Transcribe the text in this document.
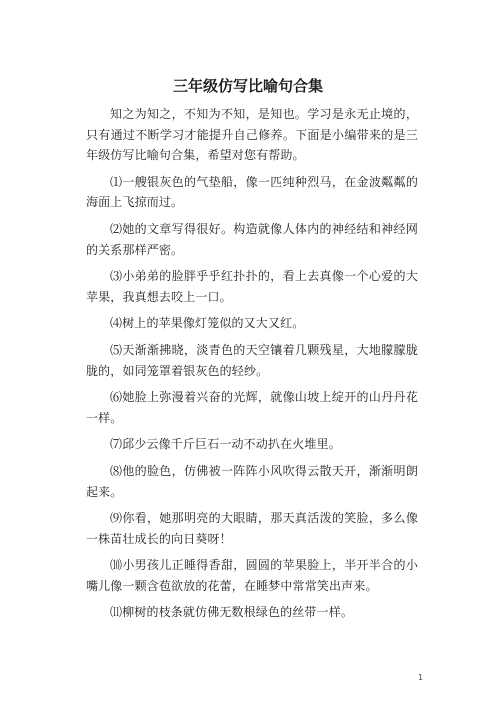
三年级仿写比喻句合集

知之为知之，不知为不知，是知也。学习是永无止境的，只有通过不断学习才能提升自己修养。下面是小编带来的是三年级仿写比喻句合集，希望对您有帮助。

⑴一艘银灰色的气垫船，像一匹纯种烈马，在金波粼粼的海面上飞掠而过。

⑵她的文章写得很好。构造就像人体内的神经结和神经网的关系那样严密。

⑶小弟弟的脸胖乎乎红扑扑的，看上去真像一个心爱的大苹果，我真想去咬上一口。

⑷树上的苹果像灯笼似的又大又红。

⑸天渐渐拂晓，淡青色的天空镶着几颗残星，大地朦朦胧胧的，如同笼罩着银灰色的轻纱。

⑹她脸上弥漫着兴奋的光辉，就像山坡上绽开的山丹丹花一样。

⑺邱少云像千斤巨石一动不动扒在火堆里。

⑻他的脸色，仿佛被一阵阵小风吹得云散天开，渐渐明朗起来。

⑼你看，她那明亮的大眼睛，那天真活泼的笑脸，多么像一株苗壮成长的向日葵呀！

⑽小男孩儿正睡得香甜，圆圆的苹果脸上，半开半合的小嘴儿像一颗含苞欲放的花蕾，在睡梦中常常笑出声来。

⑾柳树的枝条就仿佛无数根绿色的丝带一样。

1
